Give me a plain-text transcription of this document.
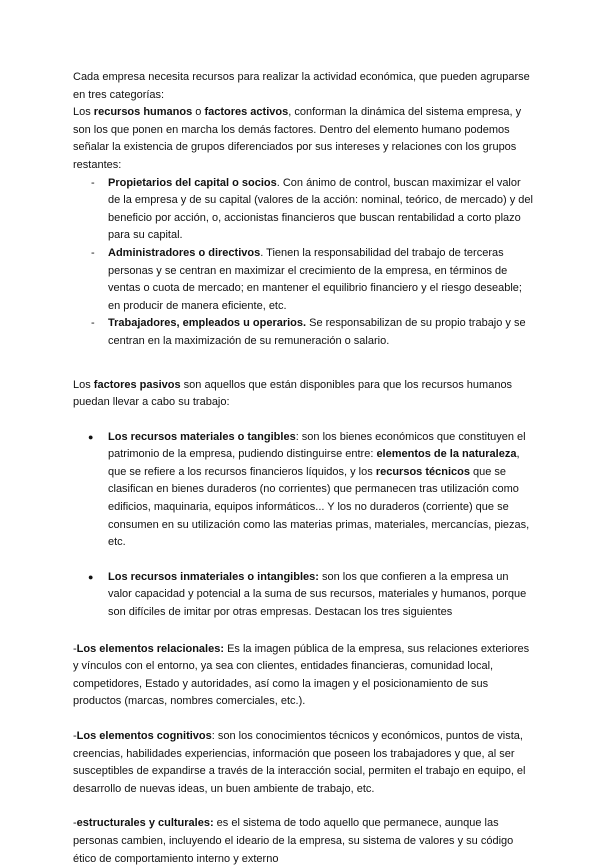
Cada empresa necesita recursos para realizar la actividad económica, que pueden agruparse en tres categorías:

Los recursos humanos o factores activos, conforman la dinámica del sistema empresa, y son los que ponen en marcha los demás factores. Dentro del elemento humano podemos señalar la existencia de grupos diferenciados por sus intereses y relaciones con los grupos restantes:

- Propietarios del capital o socios. Con ánimo de control, buscan maximizar el valor de la empresa y de su capital (valores de la acción: nominal, teórico, de mercado) y del beneficio por acción, o, accionistas financieros que buscan rentabilidad a corto plazo para su capital.
- Administradores o directivos. Tienen la responsabilidad del trabajo de terceras personas y se centran en maximizar el crecimiento de la empresa, en términos de ventas o cuota de mercado; en mantener el equilibrio financiero y el riesgo deseable; en producir de manera eficiente, etc.
- Trabajadores, empleados u operarios. Se responsabilizan de su propio trabajo y se centran en la maximización de su remuneración o salario.

Los factores pasivos son aquellos que están disponibles para que los recursos humanos puedan llevar a cabo su trabajo:

● Los recursos materiales o tangibles: son los bienes económicos que constituyen el patrimonio de la empresa, pudiendo distinguirse entre: elementos de la naturaleza, que se refiere a los recursos financieros líquidos, y los recursos técnicos que se clasifican en bienes duraderos (no corrientes) que permanecen tras utilización como edificios, maquinaria, equipos informáticos... Y los no duraderos (corriente) que se consumen en su utilización como las materias primas, materiales, mercancías, piezas, etc.
● Los recursos inmateriales o intangibles: son los que confieren a la empresa un valor capacidad y potencial a la suma de sus recursos, materiales y humanos, porque son difíciles de imitar por otras empresas. Destacan los tres siguientes

-Los elementos relacionales: Es la imagen pública de la empresa, sus relaciones exteriores y vínculos con el entorno, ya sea con clientes, entidades financieras, comunidad local, competidores, Estado y autoridades, así como la imagen y el posicionamiento de sus productos (marcas, nombres comerciales, etc.).

-Los elementos cognitivos: son los conocimientos técnicos y económicos, puntos de vista, creencias, habilidades experiencias, información que poseen los trabajadores y que, al ser susceptibles de expandirse a través de la interacción social, permiten el trabajo en equipo, el desarrollo de nuevas ideas, un buen ambiente de trabajo, etc.

-estructurales y culturales: es el sistema de todo aquello que permanece, aunque las personas cambien, incluyendo el ideario de la empresa, su sistema de valores y su código ético de comportamiento interno y externo
